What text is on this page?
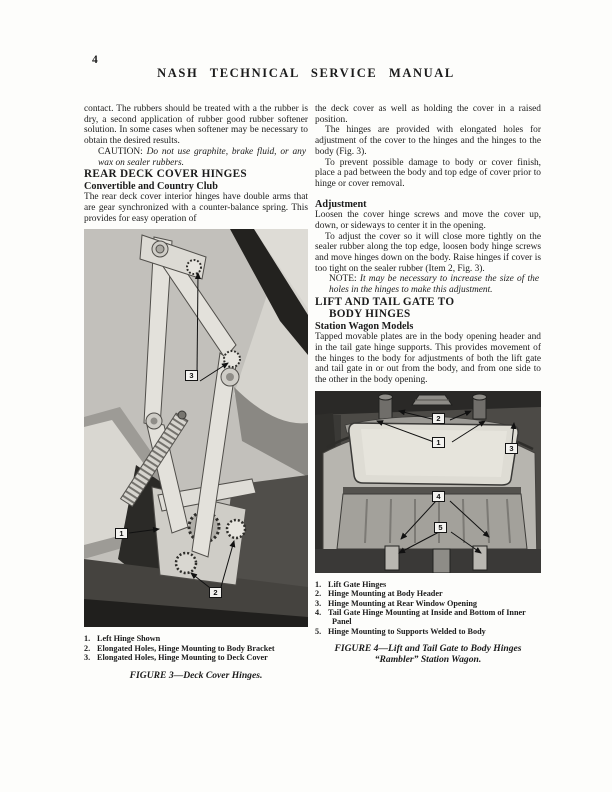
4
NASH TECHNICAL SERVICE MANUAL

contact. The rubbers should be treated with a the rubber is dry, a second application of rubber good rubber softener solution. In some cases when softener may be necessary to obtain the desired results.

CAUTION: Do not use graphite, brake fluid, or any wax on sealer rubbers.

REAR DECK COVER HINGES

Convertible and Country Club

The rear deck cover interior hinges have double arms that are gear synchronized with a counter-balance spring. This provides for easy operation of

3
1
2
1. Left Hinge Shown
2. Elongated Holes, Hinge Mounting to Body Bracket
3. Elongated Holes, Hinge Mounting to Deck Cover
FIGURE 3—Deck Cover Hinges.

the deck cover as well as holding the cover in a raised position.

The hinges are provided with elongated holes for adjustment of the cover to the hinges and the hinges to the body (Fig. 3).

To prevent possible damage to body or cover finish, place a pad between the body and top edge of cover prior to hinge or cover removal.

Adjustment

Loosen the cover hinge screws and move the cover up, down, or sideways to center it in the opening.

To adjust the cover so it will close more tightly on the sealer rubber along the top edge, loosen body hinge screws and move hinges down on the body. Raise hinges if cover is too tight on the sealer rubber (Item 2, Fig. 3).

NOTE: It may be necessary to increase the size of the holes in the hinges to make this adjustment.

LIFT AND TAIL GATE TO
BODY HINGES

Station Wagon Models

Tapped movable plates are in the body opening header and in the tail gate hinge supports. This provides movement of the hinges to the body for adjustments of both the lift gate and tail gate in or out from the body, and from one side to the other in the body opening.

2
1
3
4
5
1. Lift Gate Hinges
2. Hinge Mounting at Body Header
3. Hinge Mounting at Rear Window Opening
4. Tail Gate Hinge Mounting at Inside and Bottom of Inner Panel
5. Hinge Mounting to Supports Welded to Body
FIGURE 4—Lift and Tail Gate to Body Hinges
“Rambler” Station Wagon.
